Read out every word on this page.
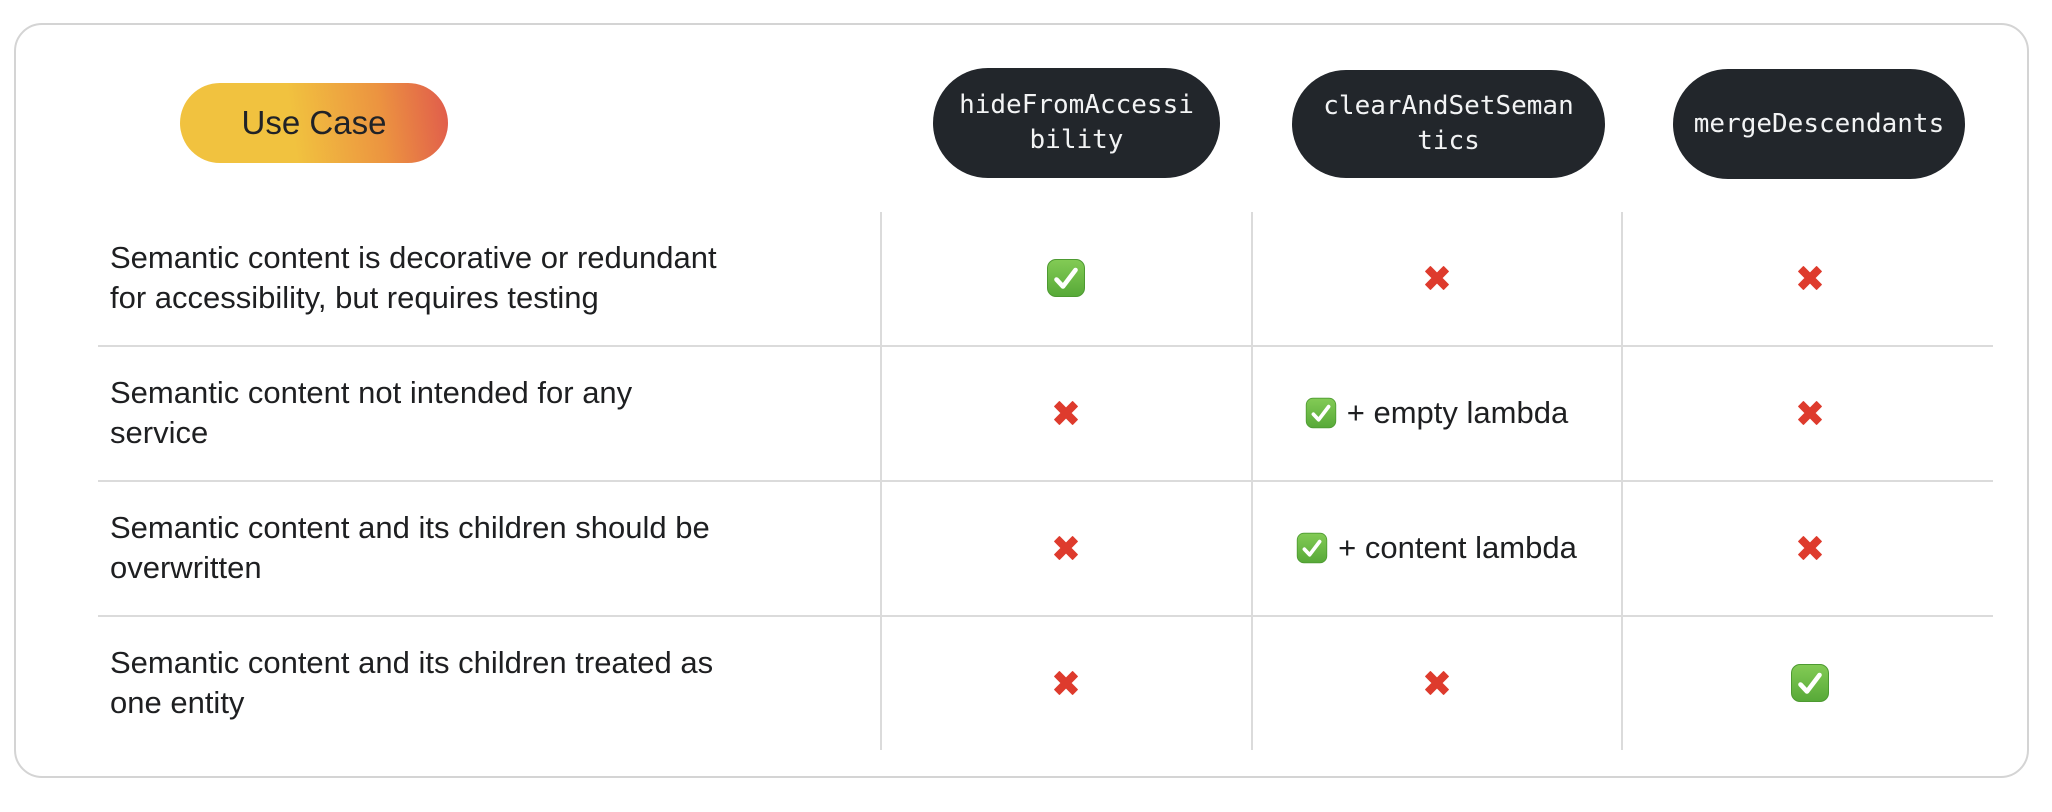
Use Case	hideFromAccessibility
clearAndSetSemantics
mergeDescendants
Semantic content is decorative or redundant for accessibility, but requires testing
Semantic content not intended for any service
+ empty lambda
Semantic content and its children should be overwritten
+ content lambda
Semantic content and its children treated as one entity
